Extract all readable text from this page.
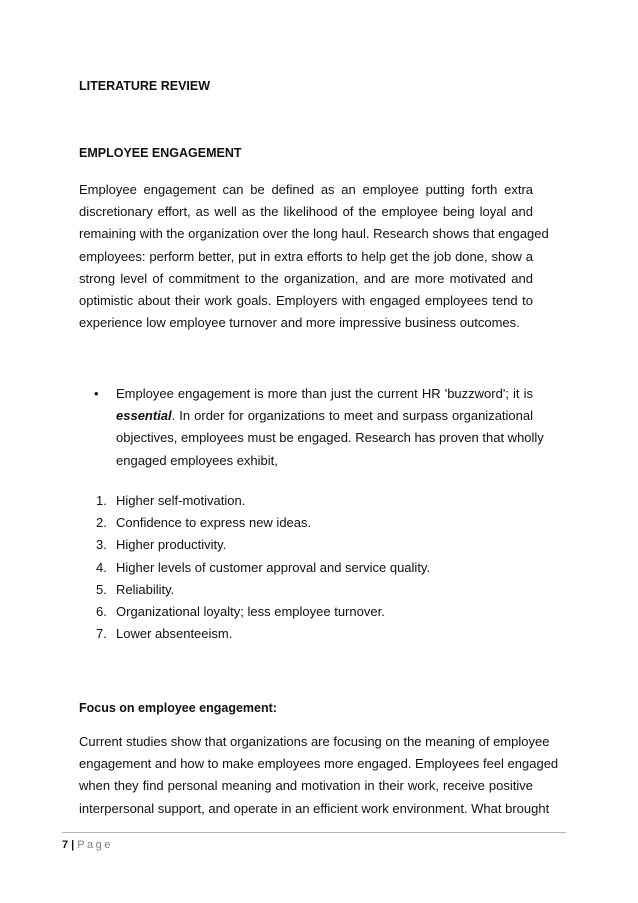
LITERATURE REVIEW
EMPLOYEE ENGAGEMENT
Employee engagement can be defined as an employee putting forth extra
discretionary effort, as well as the likelihood of the employee being loyal and
remaining with the organization over the long haul. Research shows that engaged
employees: perform better, put in extra efforts to help get the job done, show a
strong level of commitment to the organization, and are more motivated and
optimistic about their work goals. Employers with engaged employees tend to
experience low employee turnover and more impressive business outcomes.
• Employee engagement is more than just the current HR 'buzzword'; it is
essential. In order for organizations to meet and surpass organizational
objectives, employees must be engaged. Research has proven that wholly
engaged employees exhibit,
1. Higher self-motivation.
2. Confidence to express new ideas.
3. Higher productivity.
4. Higher levels of customer approval and service quality.
5. Reliability.
6. Organizational loyalty; less employee turnover.
7. Lower absenteeism.
Focus on employee engagement:
Current studies show that organizations are focusing on the meaning of employee
engagement and how to make employees more engaged. Employees feel engaged
when they find personal meaning and motivation in their work, receive positive
interpersonal support, and operate in an efficient work environment. What brought
7 | Page
